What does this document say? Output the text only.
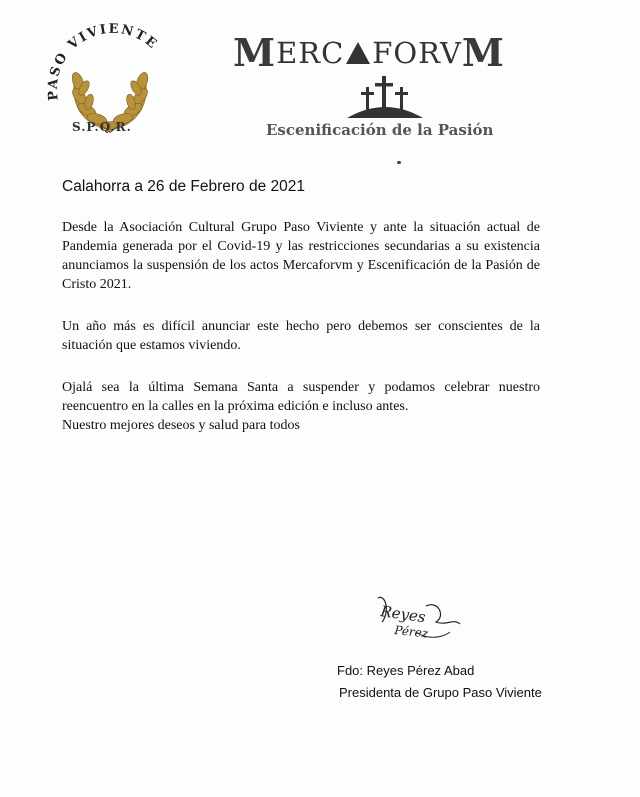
PASO VIVIENTE
S.P.Q.R.
MERC FORVM
Escenificación de la Pasión
Calahorra a 26 de Febrero de 2021

Desde la Asociación Cultural Grupo Paso Viviente y ante la situación actual de Pandemia generada por el Covid-19 y las restricciones secundarias a su existencia anunciamos la suspensión de los actos Mercaforvm y Escenificación de la Pasión de Cristo 2021.

Un año más es difícil anunciar este hecho pero debemos ser conscientes de la situación que estamos viviendo.

Ojalá sea la última Semana Santa a suspender y podamos celebrar nuestro reencuentro en la calles en la próxima edición e incluso antes.
Nuestro mejores deseos y salud para todos
Reyes
Pérez
Fdo: Reyes Pérez Abad
Presidenta de Grupo Paso Viviente
